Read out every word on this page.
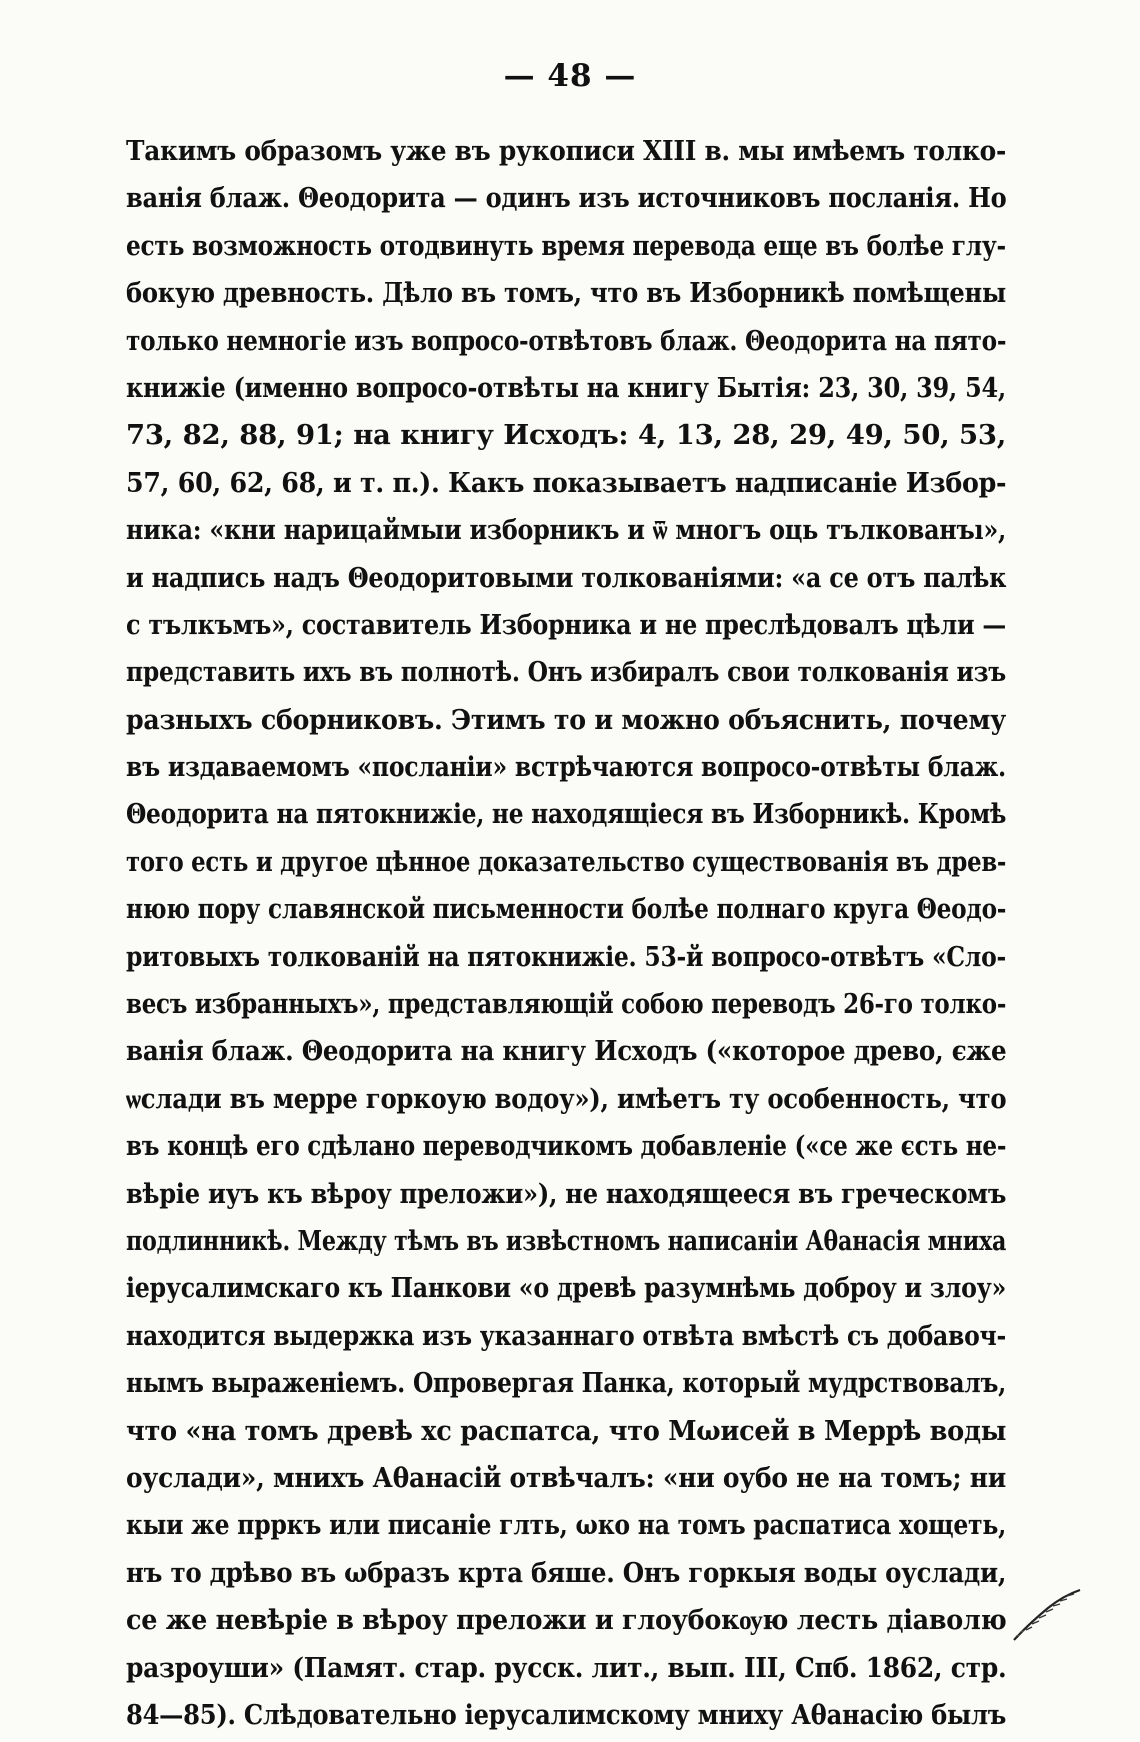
— 48 —
Такимъ образомъ уже въ рукописи XIII в. мы имѣемъ толко-
ванія блаж. Θеодорита — одинъ изъ источниковъ посланія. Но
есть возможность отодвинуть время перевода еще въ болѣе глу-
бокую древность. Дѣло въ томъ, что въ Изборникѣ помѣщены
только немногіе изъ вопросо-отвѣтовъ блаж. Θеодорита на пято-
книжіе (именно вопросо-отвѣты на книгу Бытія: 23, 30, 39, 54,
73, 82, 88, 91; на книгу Исходъ: 4, 13, 28, 29, 49, 50, 53,
57, 60, 62, 68, и т. п.). Какъ показываетъ надписаніе Избор-
ника: «кни нарицаймыи изборникъ и ѿ многъ оць тълкованъı»,
и надпись надъ Θеодоритовыми толкованіями: «а се отъ палѣк
с тълкъмъ», составитель Изборника и не преслѣдовалъ цѣли —
представить ихъ въ полнотѣ. Онъ избиралъ свои толкованія изъ
разныхъ сборниковъ. Этимъ то и можно объяснить, почему
въ издаваемомъ «посланіи» встрѣчаются вопросо-отвѣты блаж.
Θеодорита на пятокнижіе, не находящіеся въ Изборникѣ. Кромѣ
того есть и другое цѣнное доказательство существованія въ древ-
нюю пору славянской письменности болѣе полнаго круга Θеодо-
ритовыхъ толкованій на пятокнижіе. 53-й вопросо-отвѣтъ «Сло-
весъ избранныхъ», представляющій собою переводъ 26-го толко-
ванія блаж. Θеодорита на книгу Исходъ («которое древо, єже
ѡслади въ мерре горкоую водоу»), имѣетъ ту особенность, что
въ концѣ его сдѣлано переводчикомъ добавленіе («се же єсть не-
вѣріе иуъ къ вѣроу преложи»), не находящееся въ греческомъ
подлинникѣ. Между тѣмъ въ извѣстномъ написаніи Аθанасія мниха
іерусалимскаго къ Панкови «о древѣ разумнѣмь доброу и злоу»
находится выдержка изъ указаннаго отвѣта вмѣстѣ съ добавоч-
нымъ выраженіемъ. Опровергая Панка, который мудрствовалъ,
что «на томъ древѣ хс распатса, что Мωисей в Меррѣ воды
оуслади», мнихъ Аθанасій отвѣчалъ: «ни оубо не на томъ; ни
кыи же прркъ или писаніе глть, ωко на томъ распатиса хощеть,
нъ то дрѣво въ ωбразъ крта бяше. Онъ горкыя воды оуслади,
се же невѣріе в вѣроу преложи и глоубокѹю лесть діаволю
разроуши» (Памят. стар. русск. лит., вып. III, Спб. 1862, стр.
84—85). Слѣдовательно іерусалимскому мниху Аθанасію былъ
